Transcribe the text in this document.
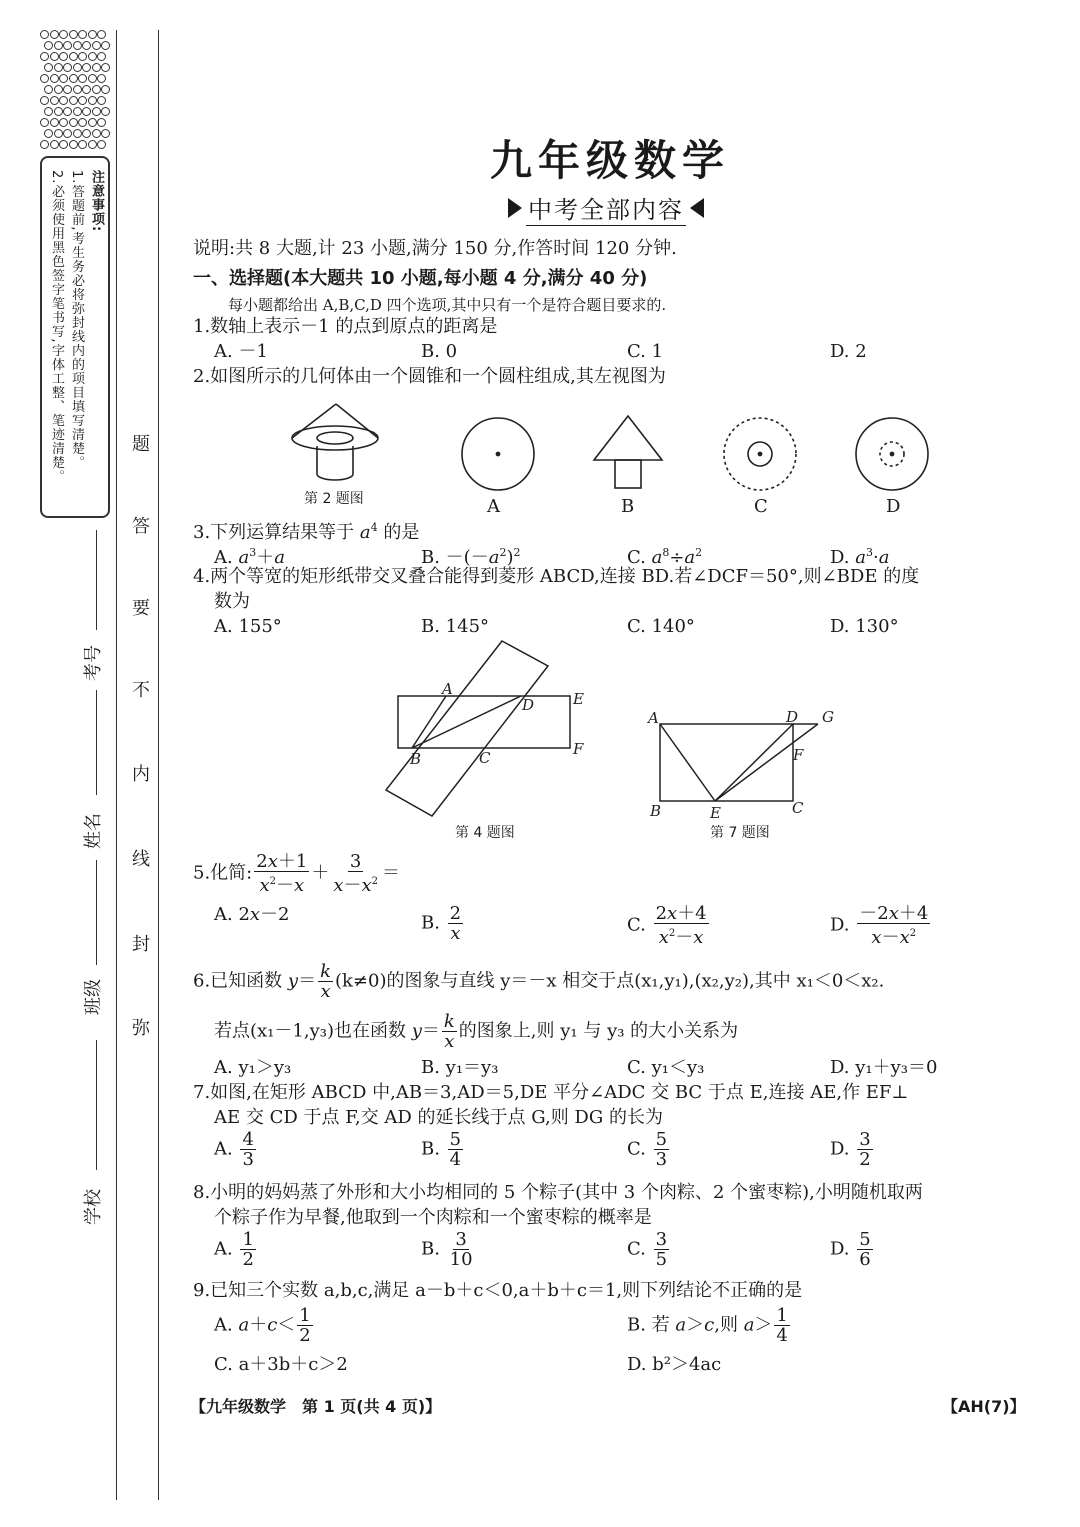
注意事项:
1.答题前,考生务必将弥封线内的项目填写清楚。
2.必须使用黑色签字笔书写,字体工整、笔迹清楚。	题
答
要
不
内
线
封
弥
考号
姓名
班级
学校
九年级数学
中考全部内容
说明:共 8 大题,计 23 小题,满分 150 分,作答时间 120 分钟.
一、选择题(本大题共 10 小题,每小题 4 分,满分 40 分)
每小题都给出 A,B,C,D 四个选项,其中只有一个是符合题目要求的.
1.数轴上表示－1 的点到原点的距离是
A. －1	B. 0	C. 1	D. 2
2.如图所示的几何体由一个圆锥和一个圆柱组成,其左视图为
第 2 题图	A	B	C	D
3.下列运算结果等于 $a^4$ 的是
A. $a^3+a$	B. $-(-a^2)^2$	C. $a^8\div a^2$	D. $a^3\cdot a$
4.两个等宽的矩形纸带交叉叠合能得到菱形 ABCD,连接 BD.若∠DCF＝50°,则∠BDE 的度
数为
A. 155°	B. 145°	C. 140°	D. 130°
A
B	C
D	E
F
第 4 题图
A
B	C
D
E
F
G
第 7 题图
5.化简: $\frac{2x+1}{x^2-x} + \frac{3}{x-x^2}$ ＝
A. 2x－2	B. $\frac{2}{x}$	C. $\frac{2x+4}{x^2-x}$	D. $\frac{-2x+4}{x-x^2}$
6.已知函数 $y= \frac{k}{x} (k\ne 0)$的图象与直线 y＝－x 相交于点(x₁,y₁),(x₂,y₂),其中 x₁＜0＜x₂.
若点(x₁－1,y₃)也在函数 $y= \frac{k}{x}$ 的图象上,则 y₁ 与 y₃ 的大小关系为
A. y₁＞y₃	B. y₁＝y₃	C. y₁＜y₃	D. y₁＋y₃＝0
7.如图,在矩形 ABCD 中,AB＝3,AD＝5,DE 平分∠ADC 交 BC 于点 E,连接 AE,作 EF⊥
AE 交 CD 于点 F,交 AD 的延长线于点 G,则 DG 的长为
A. $\frac{4}{3}$	B. $\frac{5}{4}$	C. $\frac{5}{3}$	D. $\frac{3}{2}$
8.小明的妈妈蒸了外形和大小均相同的 5 个粽子(其中 3 个肉粽、2 个蜜枣粽),小明随机取两
个粽子作为早餐,他取到一个肉粽和一个蜜枣粽的概率是
A. $\frac{1}{2}$	B. $\frac{3}{10}$	C. $\frac{3}{5}$	D. $\frac{5}{6}$
9.已知三个实数 a,b,c,满足 a－b＋c＜0,a＋b＋c＝1,则下列结论不正确的是
A. $a+c< \frac{1}{2}$	B. 若 a＞c,则 $a> \frac{1}{4}$
C. a＋3b＋c＞2	D. b²＞4ac
【九年级数学　第 1 页(共 4 页)】	【AH(7)】
